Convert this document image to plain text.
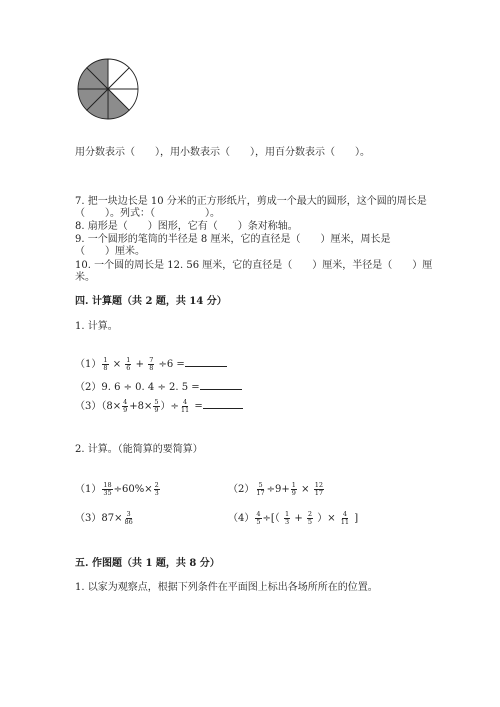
用分数表示（　　），用小数表示（　　），用百分数表示（　　）。
7. 把一块边长是 10 分米的正方形纸片，剪成一个最大的圆形，这个圆的周长是
（　　）。列式：（　　　　　）。
8. 扇形是（　　）图形，它有（　　）条对称轴。
9. 一个圆形的笔筒的半径是 8 厘米，它的直径是（　　）厘米，周长是
（　　）厘米。
10. 一个圆的周长是 12. 56 厘米，它的直径是（　　）厘米，半径是（　　）厘
米。
四. 计算题（共 2 题，共 14 分）
1. 计算。
$(1) \frac{1}{8} \times \frac{1}{6} + \frac{7}{8} \div 6$ =
（2）9. 6 ÷ 0. 4 ÷ 2. 5 =
$(3)(8\times \frac{4}{9} +8\times \frac{5}{9}$ ）÷ $\frac{4}{11}$ =
2. 计算。（能简算的要简算）
$(1) \frac{18}{35} \div 60\%\times \frac{2}{3}$	$(2) \frac{5}{17} \div 9+ \frac{1}{9} \times \frac{12}{17}$
$(3)87\times \frac{3}{86}$	$(4) \frac{4}{5}$ ÷[（ $\frac{1}{3} + \frac{2}{5}$ ）× $\frac{4}{11}$ ]
五. 作图题（共 1 题，共 8 分）
1. 以家为观察点，根据下列条件在平面图上标出各场所所在的位置。
